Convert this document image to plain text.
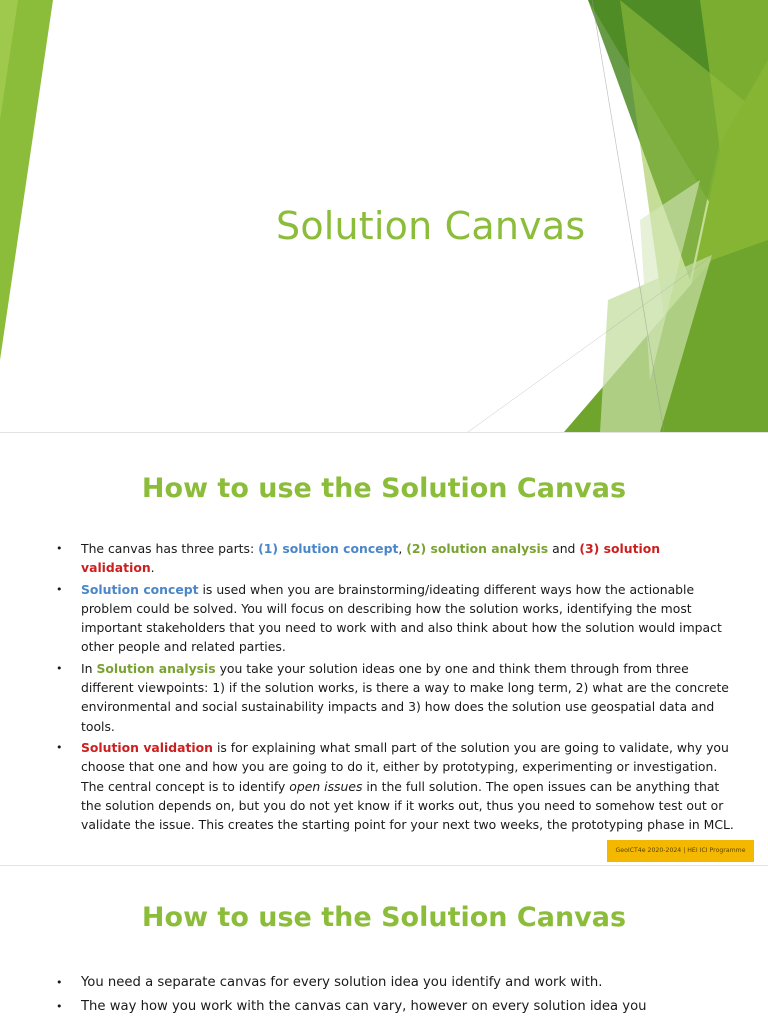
Solution Canvas
How to use the Solution Canvas
• The canvas has three parts: (1) solution concept, (2) solution analysis and (3) solution validation.
• Solution concept is used when you are brainstorming/ideating different ways how the actionable problem could be solved. You will focus on describing how the solution works, identifying the most important stakeholders that you need to work with and also think about how the solution would impact other people and related parties.
• In Solution analysis you take your solution ideas one by one and think them through from three different viewpoints: 1) if the solution works, is there a way to make long term, 2) what are the concrete environmental and social sustainability impacts and 3) how does the solution use geospatial data and tools.
• Solution validation is for explaining what small part of the solution you are going to validate, why you choose that one and how you are going to do it, either by prototyping, experimenting or investigation. The central concept is to identify open issues in the full solution. The open issues can be anything that the solution depends on, but you do not yet know if it works out, thus you need to somehow test out or validate the issue. This creates the starting point for your next two weeks, the prototyping phase in MCL.
GeoICT4e 2020-2024 | HEI ICI Programme
How to use the Solution Canvas
• You need a separate canvas for every solution idea you identify and work with.
• The way how you work with the canvas can vary, however on every solution idea you
